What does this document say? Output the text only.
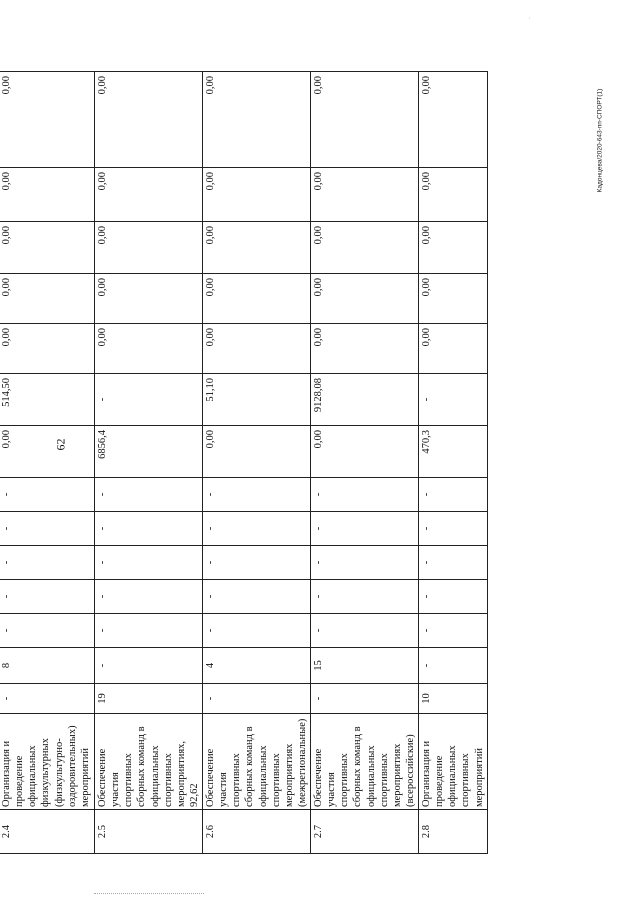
·
62
Кадонцева/2020-643-пп-СПОРТ(1)

2.4	Организация и проведение официальных физкультурных (физкультурно-оздоровительных) мероприятий	-	8	-	-	-	-	-	0,00	514,50	0,00	0,00	0,00	0,00	0,00
2.5	Обеспечение участия спортивных сборных команд в официальных спортивных мероприятиях, 92,62	19	-	-	-	-	-	-	6856,4	-	0,00	0,00	0,00	0,00	0,00
2.6	Обеспечение участия спортивных сборных команд в официальных спортивных мероприятиях (межрегиональные)	-	4	-	-	-	-	-	0,00	51,10	0,00	0,00	0,00	0,00	0,00
2.7	Обеспечение участия спортивных сборных команд в официальных спортивных мероприятиях (всероссийские)	-	15	-	-	-	-	-	0,00	9128,08	0,00	0,00	0,00	0,00	0,00
2.8	Организация и проведение официальных спортивных мероприятий	10	-	-	-	-	-	-	470,3	-	0,00	0,00	0,00	0,00	0,00
